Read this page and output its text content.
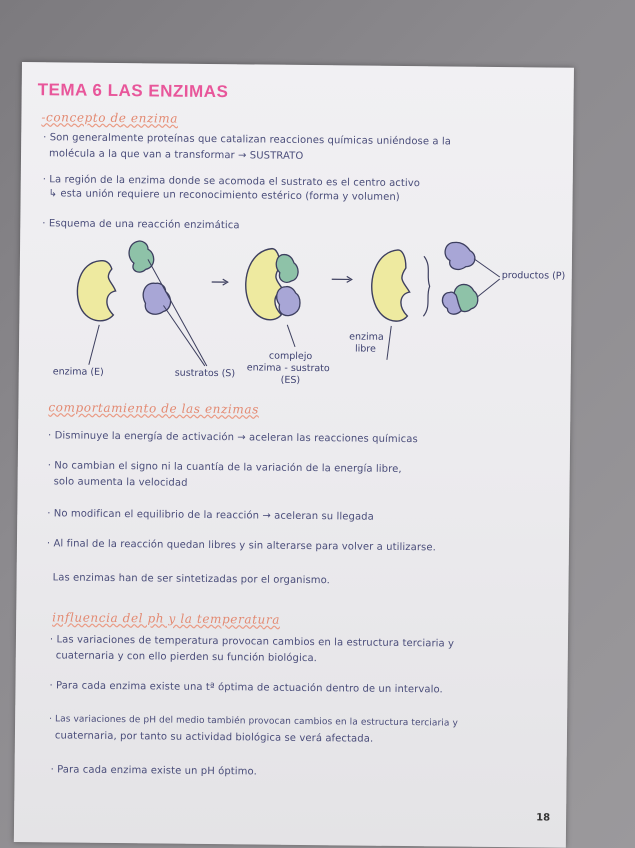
TEMA 6 LAS ENZIMAS
-concepto de enzima
· Son generalmente proteínas que catalizan reacciones químicas uniéndose a la
molécula a la que van a transformar → SUSTRATO
· La región de la enzima donde se acomoda el sustrato es el centro activo
↳ esta unión requiere un reconocimiento estérico (forma y volumen)
· Esquema de una reacción enzimática
enzima (E)	sustratos (S)
complejo
enzima - sustrato
(ES)
enzima
libre
productos (P)
comportamiento de las enzimas
· Disminuye la energía de activación → aceleran las reacciones químicas
· No cambian el signo ni la cuantía de la variación de la energía libre,
solo aumenta la velocidad
· No modifican el equilibrio de la reacción → aceleran su llegada
· Al final de la reacción quedan libres y sin alterarse para volver a utilizarse.
Las enzimas han de ser sintetizadas por el organismo.
influencia del ph y la temperatura
· Las variaciones de temperatura provocan cambios en la estructura terciaria y
cuaternaria y con ello pierden su función biológica.
· Para cada enzima existe una tª óptima de actuación dentro de un intervalo.
· Las variaciones de pH del medio también provocan cambios en la estructura terciaria y
cuaternaria, por tanto su actividad biológica se verá afectada.
· Para cada enzima existe un pH óptimo.
18
